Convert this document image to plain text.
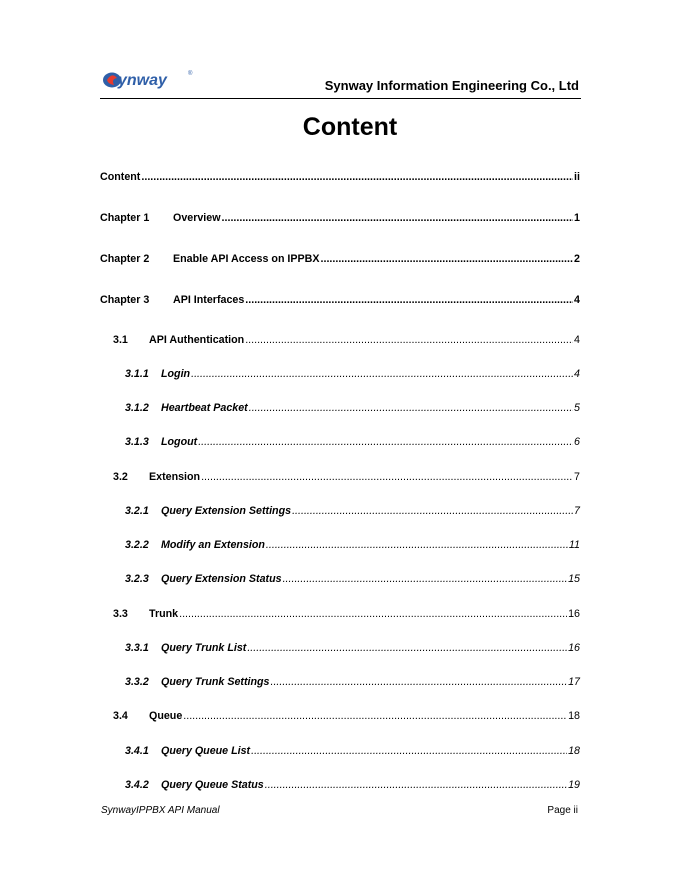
ynway	®
Synway Information Engineering Co., Ltd
Content
Content .....	ii
Chapter 1	Overview .....	1
Chapter 2	Enable API Access on IPPBX .....	2
Chapter 3	API Interfaces .....	4
3.1	API Authentication .....	4
3.1.1	Login .....	4
3.1.2	Heartbeat Packet .....	5
3.1.3	Logout .....	6
3.2	Extension .....	7
3.2.1	Query Extension Settings .....	7
3.2.2	Modify an Extension .....	11
3.2.3	Query Extension Status .....	15
3.3	Trunk .....	16
3.3.1	Query Trunk List .....	16
3.3.2	Query Trunk Settings .....	17
3.4	Queue .....	18
3.4.1	Query Queue List .....	18
3.4.2	Query Queue Status .....	19
SynwayIPPBX API Manual	Page ii
